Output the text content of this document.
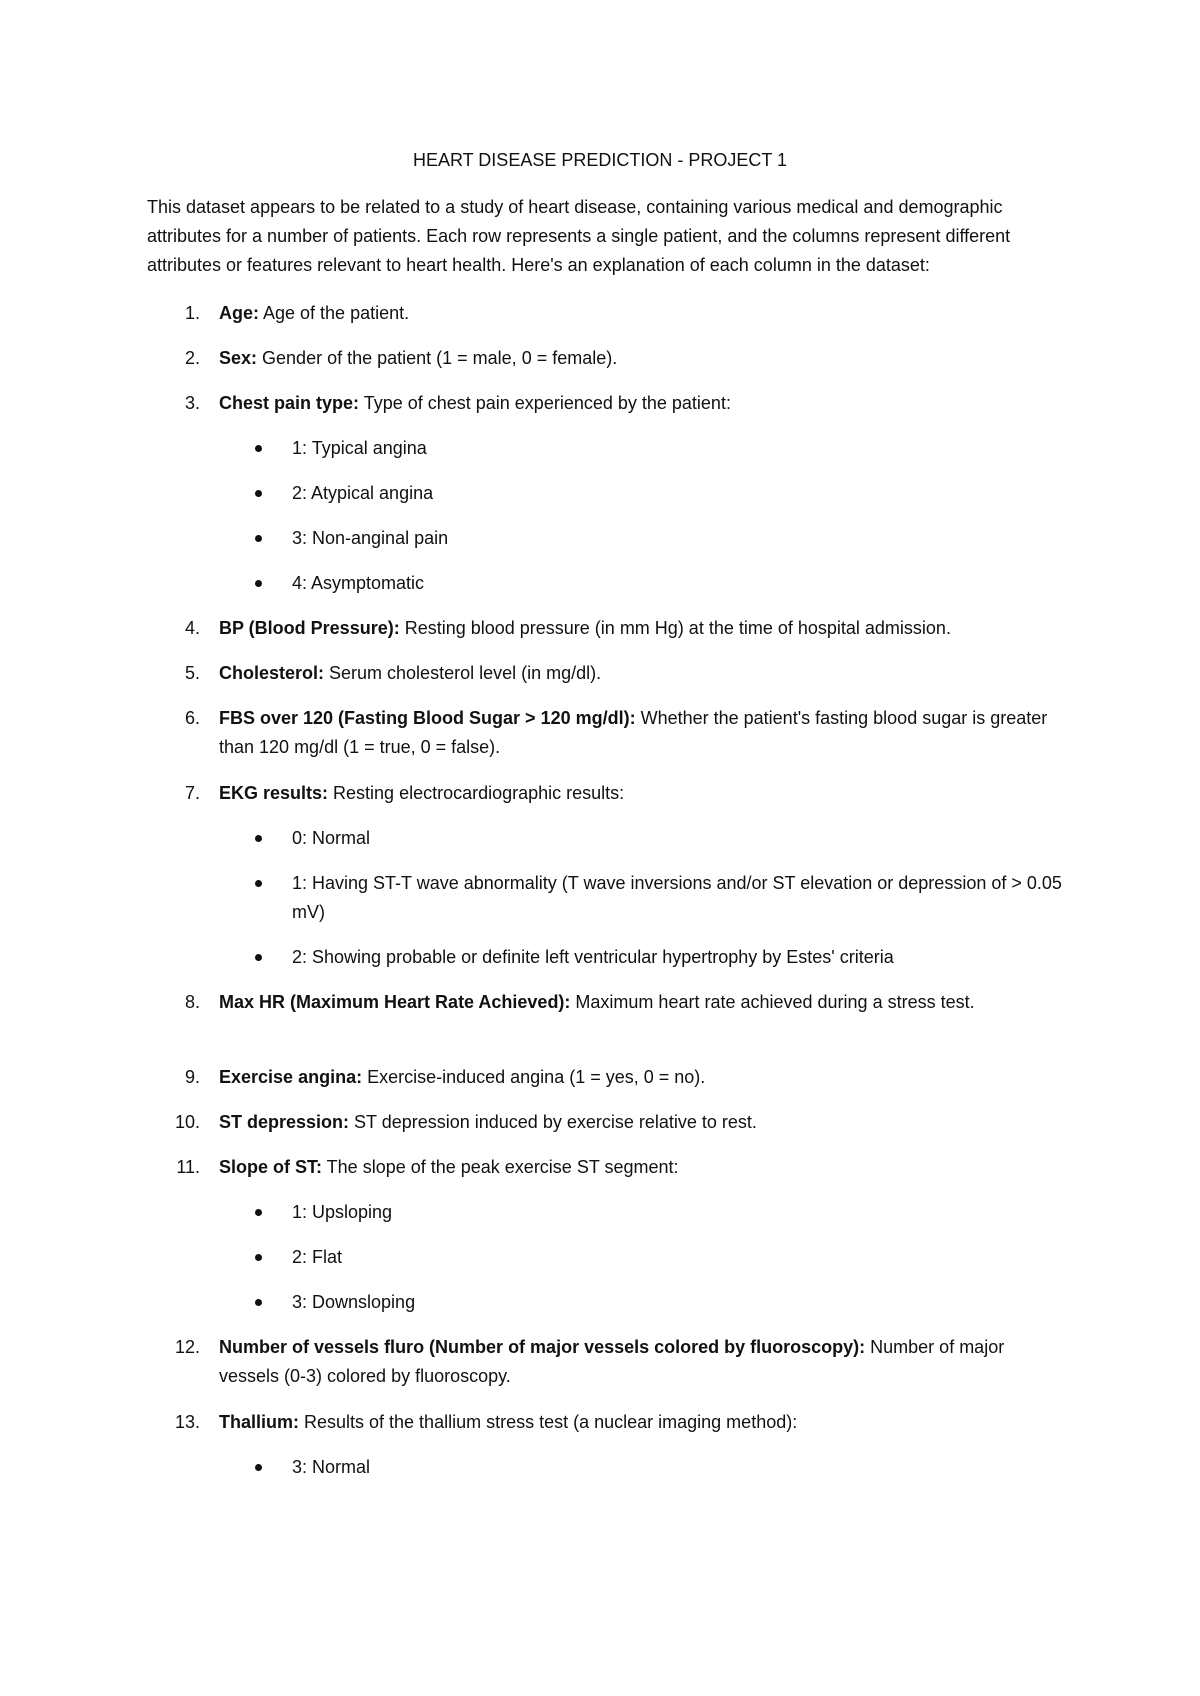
HEART DISEASE PREDICTION - PROJECT 1
This dataset appears to be related to a study of heart disease, containing various medical and demographic attributes for a number of patients. Each row represents a single patient, and the columns represent different attributes or features relevant to heart health. Here's an explanation of each column in the dataset:
1. Age: Age of the patient.
2. Sex: Gender of the patient (1 = male, 0 = female).
3. Chest pain type: Type of chest pain experienced by the patient:
1: Typical angina
2: Atypical angina
3: Non-anginal pain
4: Asymptomatic
4. BP (Blood Pressure): Resting blood pressure (in mm Hg) at the time of hospital admission.
5. Cholesterol: Serum cholesterol level (in mg/dl).
6. FBS over 120 (Fasting Blood Sugar > 120 mg/dl): Whether the patient's fasting blood sugar is greater than 120 mg/dl (1 = true, 0 = false).
7. EKG results: Resting electrocardiographic results:
0: Normal
1: Having ST-T wave abnormality (T wave inversions and/or ST elevation or depression of > 0.05 mV)
2: Showing probable or definite left ventricular hypertrophy by Estes' criteria
8. Max HR (Maximum Heart Rate Achieved): Maximum heart rate achieved during a stress test.
9. Exercise angina: Exercise-induced angina (1 = yes, 0 = no).
10. ST depression: ST depression induced by exercise relative to rest.
11. Slope of ST: The slope of the peak exercise ST segment:
1: Upsloping
2: Flat
3: Downsloping
12. Number of vessels fluro (Number of major vessels colored by fluoroscopy): Number of major vessels (0-3) colored by fluoroscopy.
13. Thallium: Results of the thallium stress test (a nuclear imaging method):
3: Normal
